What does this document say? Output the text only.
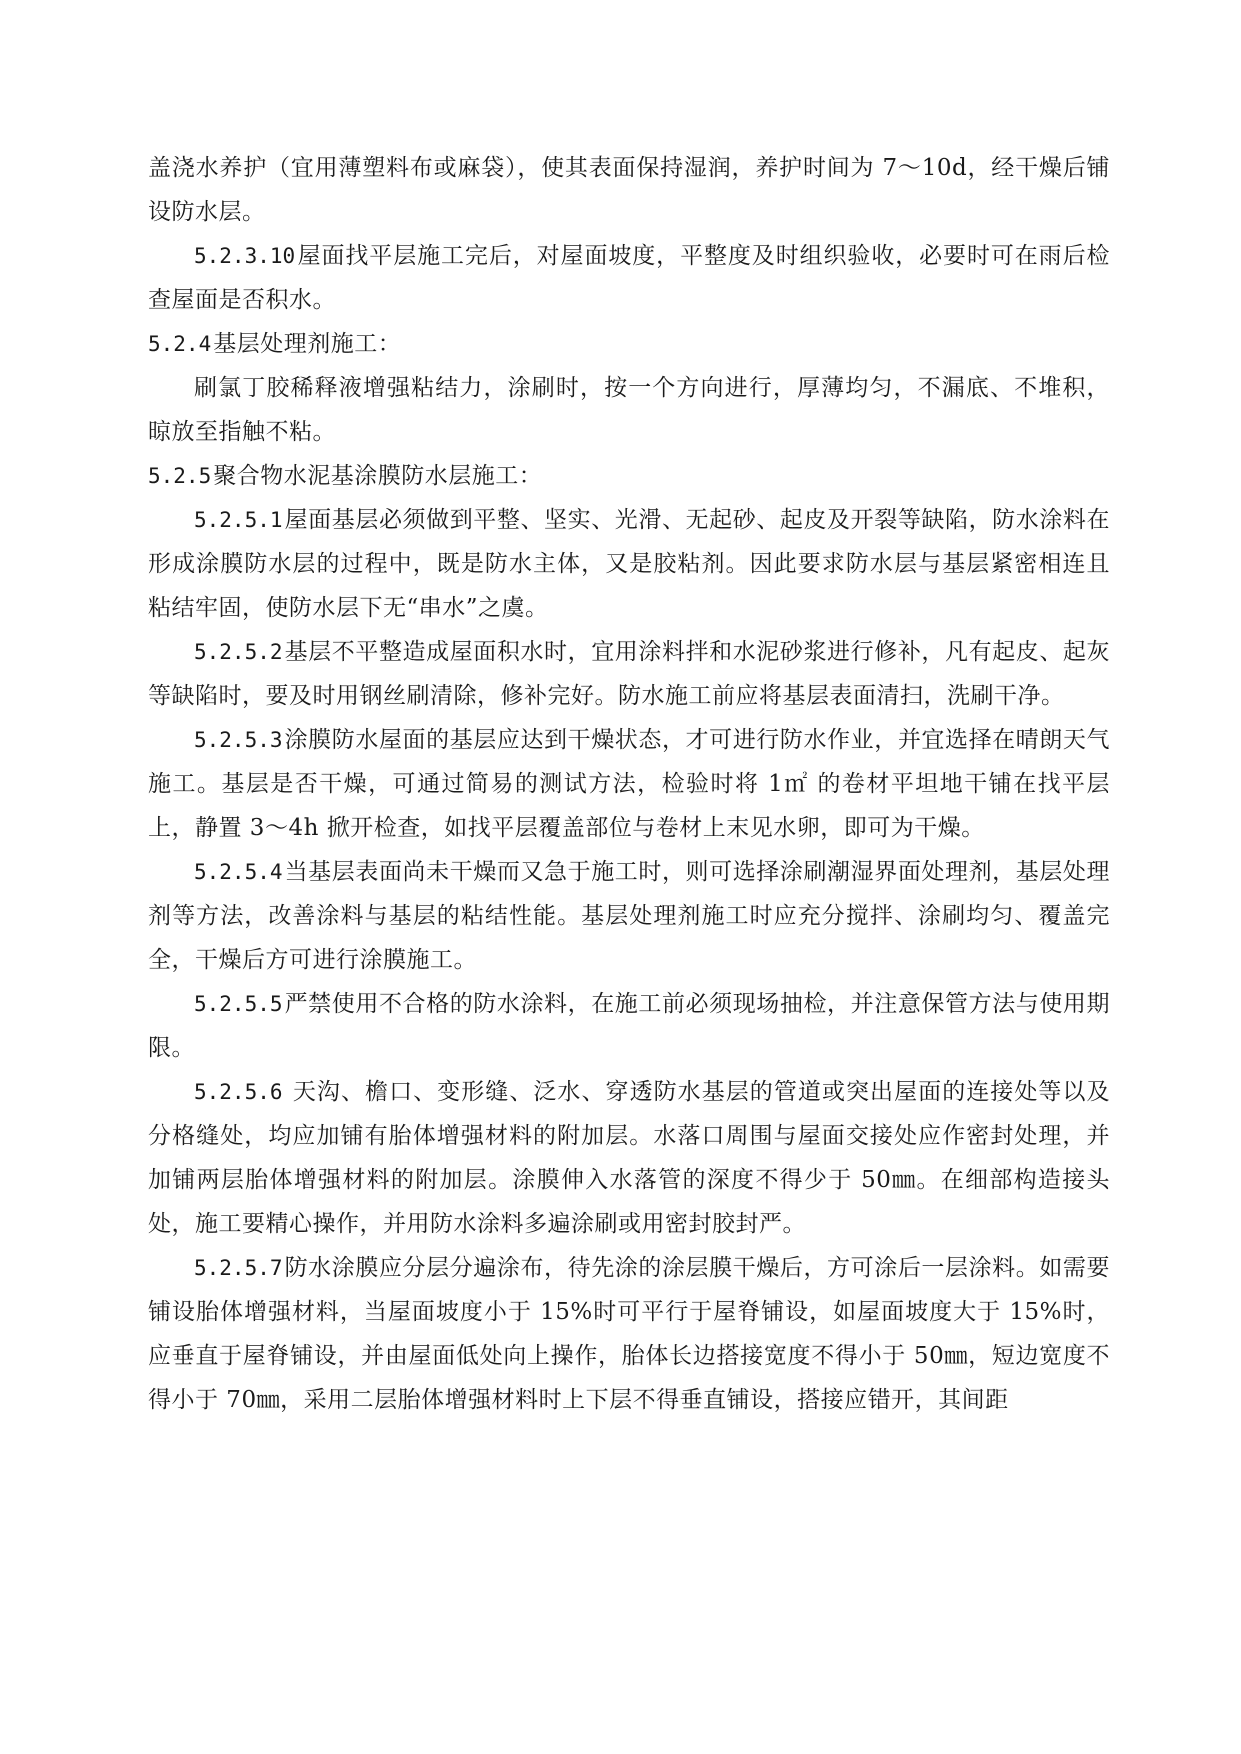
盖浇水养护（宜用薄塑料布或麻袋），使其表面保持湿润，养护时间为 7～10d，经干燥后铺设防水层。

5.2.3.10屋面找平层施工完后，对屋面坡度，平整度及时组织验收，必要时可在雨后检查屋面是否积水。

5.2.4基层处理剂施工：

刷氯丁胶稀释液增强粘结力，涂刷时，按一个方向进行，厚薄均匀，不漏底、不堆积，晾放至指触不粘。

5.2.5聚合物水泥基涂膜防水层施工：

5.2.5.1屋面基层必须做到平整、坚实、光滑、无起砂、起皮及开裂等缺陷，防水涂料在形成涂膜防水层的过程中，既是防水主体，又是胶粘剂。因此要求防水层与基层紧密相连且粘结牢固，使防水层下无“串水”之虞。

5.2.5.2基层不平整造成屋面积水时，宜用涂料拌和水泥砂浆进行修补，凡有起皮、起灰等缺陷时，要及时用钢丝刷清除，修补完好。防水施工前应将基层表面清扫，洗刷干净。

5.2.5.3涂膜防水屋面的基层应达到干燥状态，才可进行防水作业，并宜选择在晴朗天气施工。基层是否干燥，可通过简易的测试方法，检验时将 1㎡ 的卷材平坦地干铺在找平层上，静置 3～4h 掀开检查，如找平层覆盖部位与卷材上末见水卵，即可为干燥。

5.2.5.4当基层表面尚未干燥而又急于施工时，则可选择涂刷潮湿界面处理剂，基层处理剂等方法，改善涂料与基层的粘结性能。基层处理剂施工时应充分搅拌、涂刷均匀、覆盖完全，干燥后方可进行涂膜施工。

5.2.5.5严禁使用不合格的防水涂料，在施工前必须现场抽检，并注意保管方法与使用期限。

5.2.5.6 天沟、檐口、变形缝、泛水、穿透防水基层的管道或突出屋面的连接处等以及分格缝处，均应加铺有胎体增强材料的附加层。水落口周围与屋面交接处应作密封处理，并加铺两层胎体增强材料的附加层。涂膜伸入水落管的深度不得少于 50㎜。在细部构造接头处，施工要精心操作，并用防水涂料多遍涂刷或用密封胶封严。

5.2.5.7防水涂膜应分层分遍涂布，待先涂的涂层膜干燥后，方可涂后一层涂料。如需要铺设胎体增强材料，当屋面坡度小于 15%时可平行于屋脊铺设，如屋面坡度大于 15%时，应垂直于屋脊铺设，并由屋面低处向上操作，胎体长边搭接宽度不得小于 50㎜，短边宽度不得小于 70㎜，采用二层胎体增强材料时上下层不得垂直铺设，搭接应错开，其间距
